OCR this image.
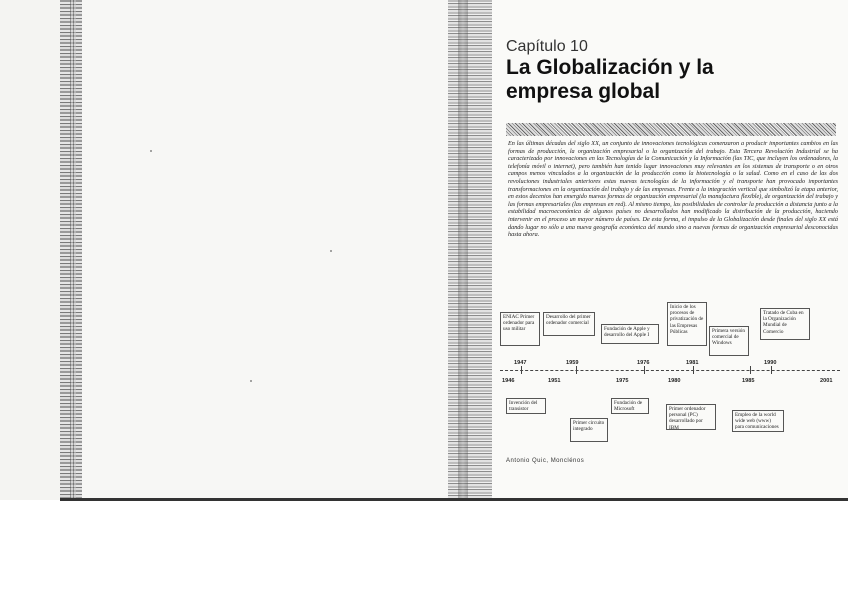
Capítulo 10
La Globalización y la empresa global
En las últimas décadas del siglo XX, un conjunto de innovaciones tecnológicas comenzaron a producir importantes cambios en las formas de producción, la organización empresarial o la organización del trabajo. Esta Tercera Revolución Industrial se ha caracterizado por innovaciones en las Tecnologías de la Comunicación y la Información (las TIC, que incluyen los ordenadores, la telefonía móvil o internet), pero también han tenido lugar innovaciones muy relevantes en los sistemas de transporte o en otros campos menos vinculados a la organización de la producción como la biotecnología o la salud. Como en el caso de las dos revoluciones industriales anteriores estas nuevas tecnologías de la información y el transporte han provocado importantes transformaciones en la organización del trabajo y de las empresas. Frente a la integración vertical que simbolizó la etapa anterior, en estos decenios han emergido nuevas formas de organización empresarial (la manufactura flexible), de organización del trabajo y las formas empresariales (las empresas en red). Al mismo tiempo, las posibilidades de controlar la producción a distancia junto a la estabilidad macroeconómica de algunos países no desarrollados han modificado la distribución de la producción, haciendo intervenir en el proceso un mayor número de países. De esta forma, el impulso de la Globalización desde finales del siglo XX está dando lugar no sólo a una nueva geografía económica del mundo sino a nuevas formas de organización empresarial desconocidas hasta ahora.
ENIAC Primer ordenador para uso militar
Desarrollo del primer ordenador comercial
Fundación de Apple y desarrollo del Apple I
Inicio de los procesos de privatización de las Empresas Públicas	Primera versión comercial de Windows
Tratado de Cuba en la Organización Mundial de Comercio
1947	1959	1976	1981	1990
1946	1951	1975	1980	1985	2001
Invención del transistor
Primer circuito integrado
Fundación de Microsoft	Primer ordenador personal (PC) desarrollado por IBM
Empleo de la world wide web (www) para comunicaciones
Antonio Quic, Monclénos
